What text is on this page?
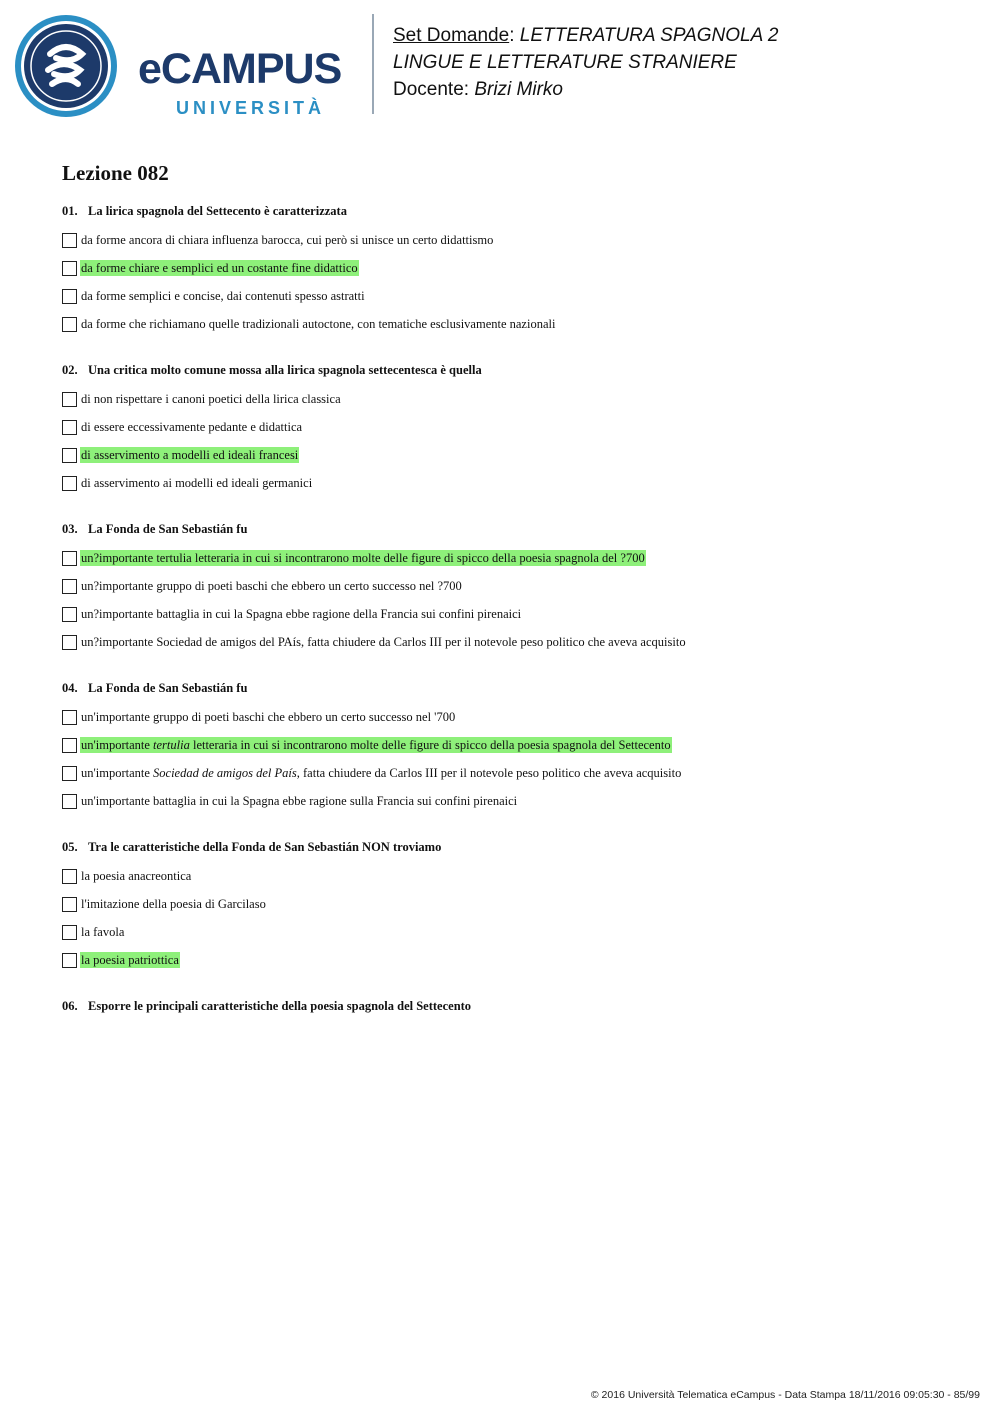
eCAMPUS
UNIVERSITÀ
Set Domande: LETTERATURA SPAGNOLA 2
LINGUE E LETTERATURE STRANIERE
Docente: Brizi Mirko
Lezione 082
01. La lirica spagnola del Settecento è caratterizzata
da forme ancora di chiara influenza barocca, cui però si unisce un certo didattismo
da forme chiare e semplici ed un costante fine didattico
da forme semplici e concise, dai contenuti spesso astratti
da forme che richiamano quelle tradizionali autoctone, con tematiche esclusivamente nazionali
02. Una critica molto comune mossa alla lirica spagnola settecentesca è quella
di non rispettare i canoni poetici della lirica classica
di essere eccessivamente pedante e didattica
di asservimento a modelli ed ideali francesi
di asservimento ai modelli ed ideali germanici
03. La Fonda de San Sebastián fu
un?importante tertulia letteraria in cui si incontrarono molte delle figure di spicco della poesia spagnola del ?700
un?importante gruppo di poeti baschi che ebbero un certo successo nel ?700
un?importante battaglia in cui la Spagna ebbe ragione della Francia sui confini pirenaici
un?importante Sociedad de amigos del PAís, fatta chiudere da Carlos III per il notevole peso politico che aveva acquisito
04. La Fonda de San Sebastián fu
un'importante gruppo di poeti baschi che ebbero un certo successo nel '700
un'importante tertulia letteraria in cui si incontrarono molte delle figure di spicco della poesia spagnola del Settecento
un'importante Sociedad de amigos del País, fatta chiudere da Carlos III per il notevole peso politico che aveva acquisito
un'importante battaglia in cui la Spagna ebbe ragione sulla Francia sui confini pirenaici
05. Tra le caratteristiche della Fonda de San Sebastián NON troviamo
la poesia anacreontica
l'imitazione della poesia di Garcilaso
la favola
la poesia patriottica
06. Esporre le principali caratteristiche della poesia spagnola del Settecento
© 2016 Università Telematica eCampus - Data Stampa 18/11/2016 09:05:30 - 85/99
